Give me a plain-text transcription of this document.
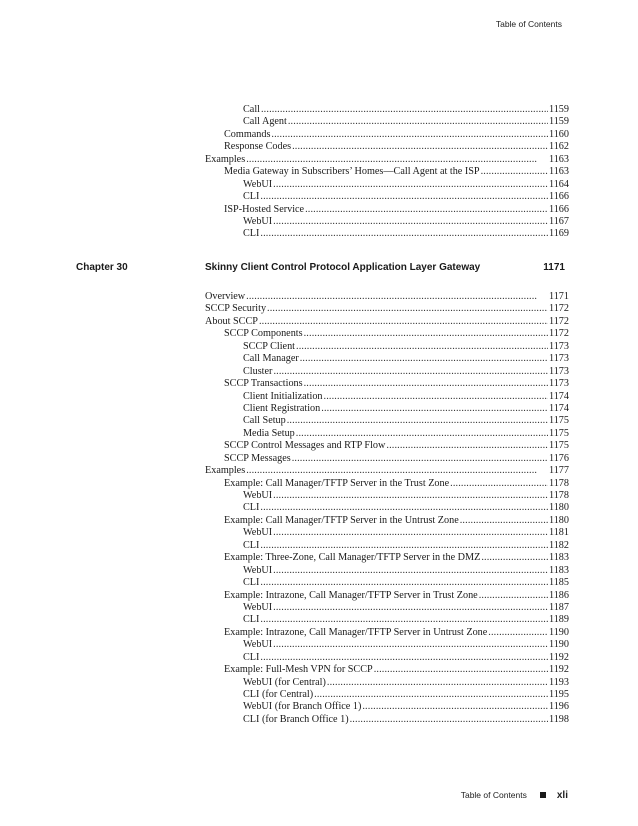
Table of Contents
Call . . .	1159
Call Agent . . .	1159
Commands . . .	1160
Response Codes . . .	1162
Examples . . .	1163
Media Gateway in Subscribers’ Homes—Call Agent at the ISP . . .	1163
WebUI . . .	1164
CLI . . .	1166
ISP-Hosted Service . . .	1166
WebUI . . .	1167
CLI . . .	1169
Chapter 30	Skinny Client Control Protocol Application Layer Gateway	1171
Overview . . .	1171
SCCP Security . . .	1172
About SCCP . . .	1172
SCCP Components . . .	1172
SCCP Client . . .	1173
Call Manager . . .	1173
Cluster . . .	1173
SCCP Transactions . . .	1173
Client Initialization . . .	1174
Client Registration . . .	1174
Call Setup . . .	1175
Media Setup . . .	1175
SCCP Control Messages and RTP Flow . . .	1175
SCCP Messages . . .	1176
Examples . . .	1177
Example: Call Manager/TFTP Server in the Trust Zone . . .	1178
WebUI . . .	1178
CLI . . .	1180
Example: Call Manager/TFTP Server in the Untrust Zone . . .	1180
WebUI . . .	1181
CLI . . .	1182
Example: Three-Zone, Call Manager/TFTP Server in the DMZ . . .	1183
WebUI . . .	1183
CLI . . .	1185
Example: Intrazone, Call Manager/TFTP Server in Trust Zone . . .	1186
WebUI . . .	1187
CLI . . .	1189
Example: Intrazone, Call Manager/TFTP Server in Untrust Zone . . .	1190
WebUI . . .	1190
CLI . . .	1192
Example: Full-Mesh VPN for SCCP . . .	1192
WebUI (for Central) . . .	1193
CLI (for Central) . . .	1195
WebUI (for Branch Office 1) . . .	1196
CLI (for Branch Office 1) . . .	1198
Table of Contents	xli
